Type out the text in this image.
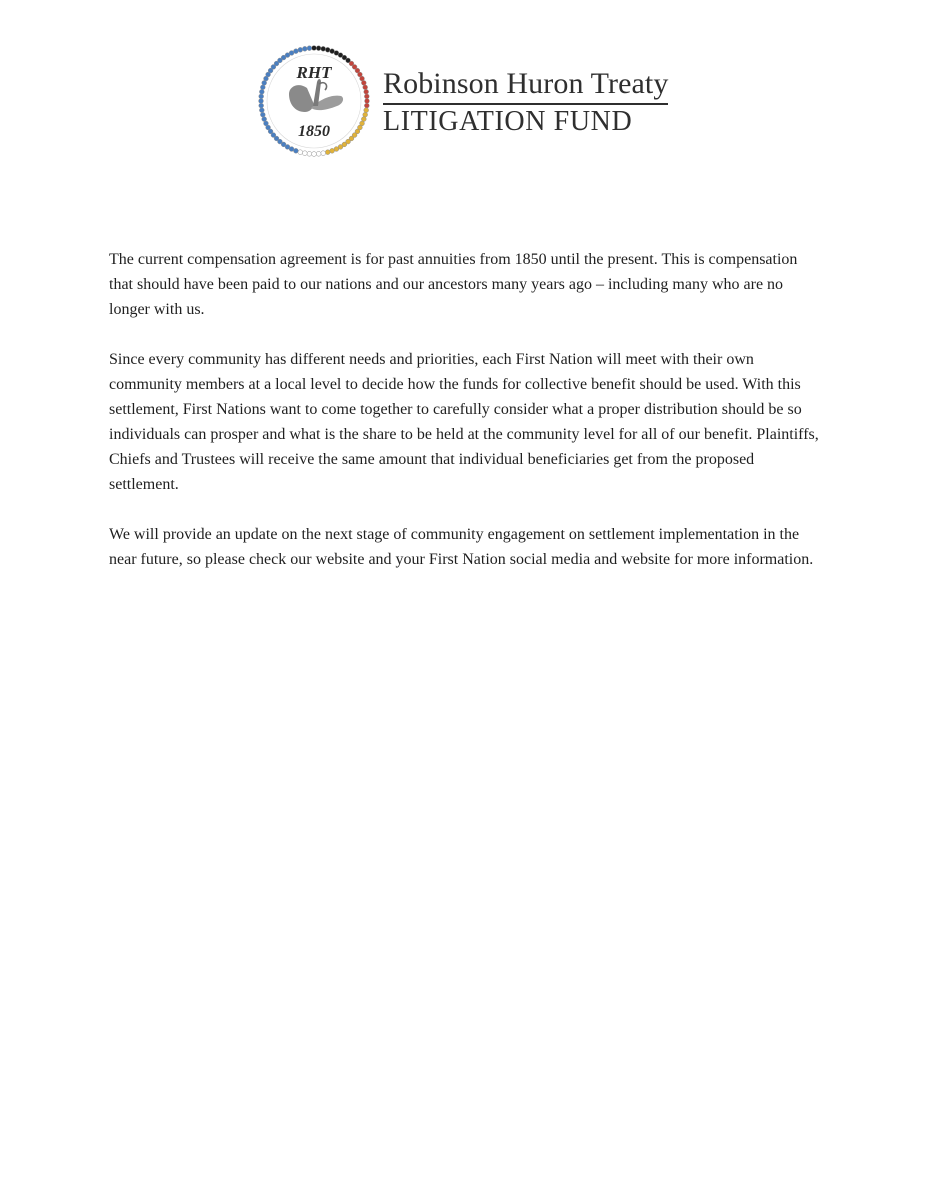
RHT
1850
Robinson Huron Treaty
LITIGATION FUND

The current compensation agreement is for past annuities from 1850 until the present. This is compensation that should have been paid to our nations and our ancestors many years ago – including many who are no longer with us.

Since every community has different needs and priorities, each First Nation will meet with their own community members at a local level to decide how the funds for collective benefit should be used. With this settlement, First Nations want to come together to carefully consider what a proper distribution should be so individuals can prosper and what is the share to be held at the community level for all of our benefit. Plaintiffs, Chiefs and Trustees will receive the same amount that individual beneficiaries get from the proposed settlement.

We will provide an update on the next stage of community engagement on settlement implementation in the near future, so please check our website and your First Nation social media and website for more information.
